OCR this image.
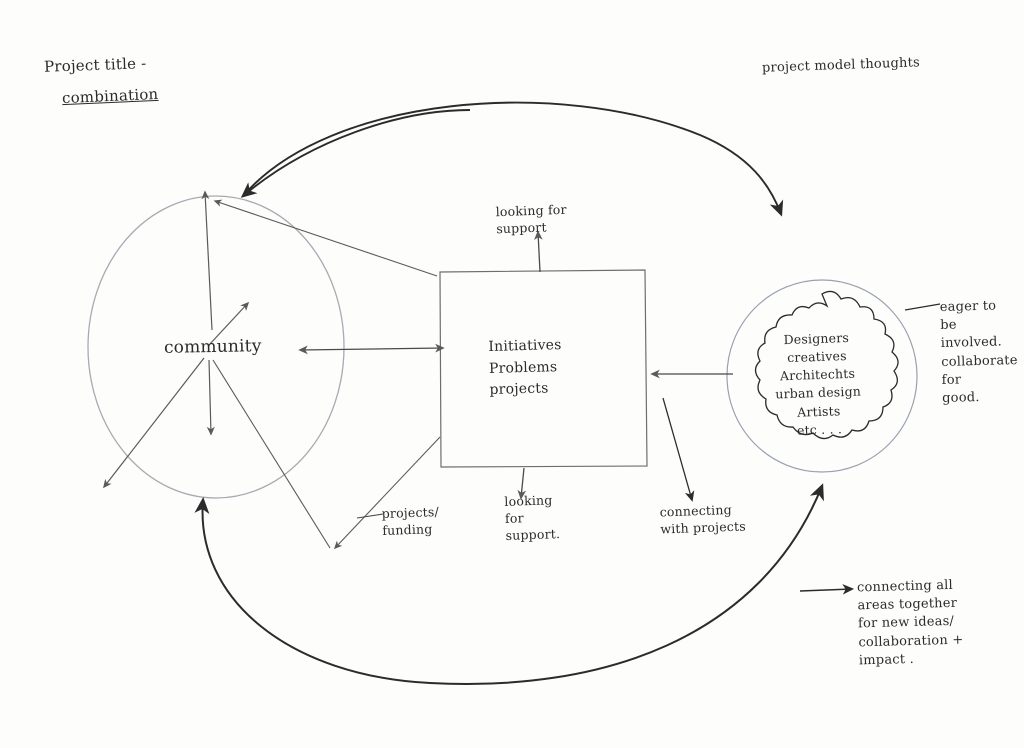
Project title -
combination
project model thoughts
community	Initiatives
Problems
projects
Designers
creatives
Architechts
urban design
Artists
etc . . .
looking for
support
looking
for
support.
projects/
funding
connecting
with projects
eager to
be
involved.
collaborate
for
good.
connecting all
areas together
for new ideas/
collaboration +
impact .
